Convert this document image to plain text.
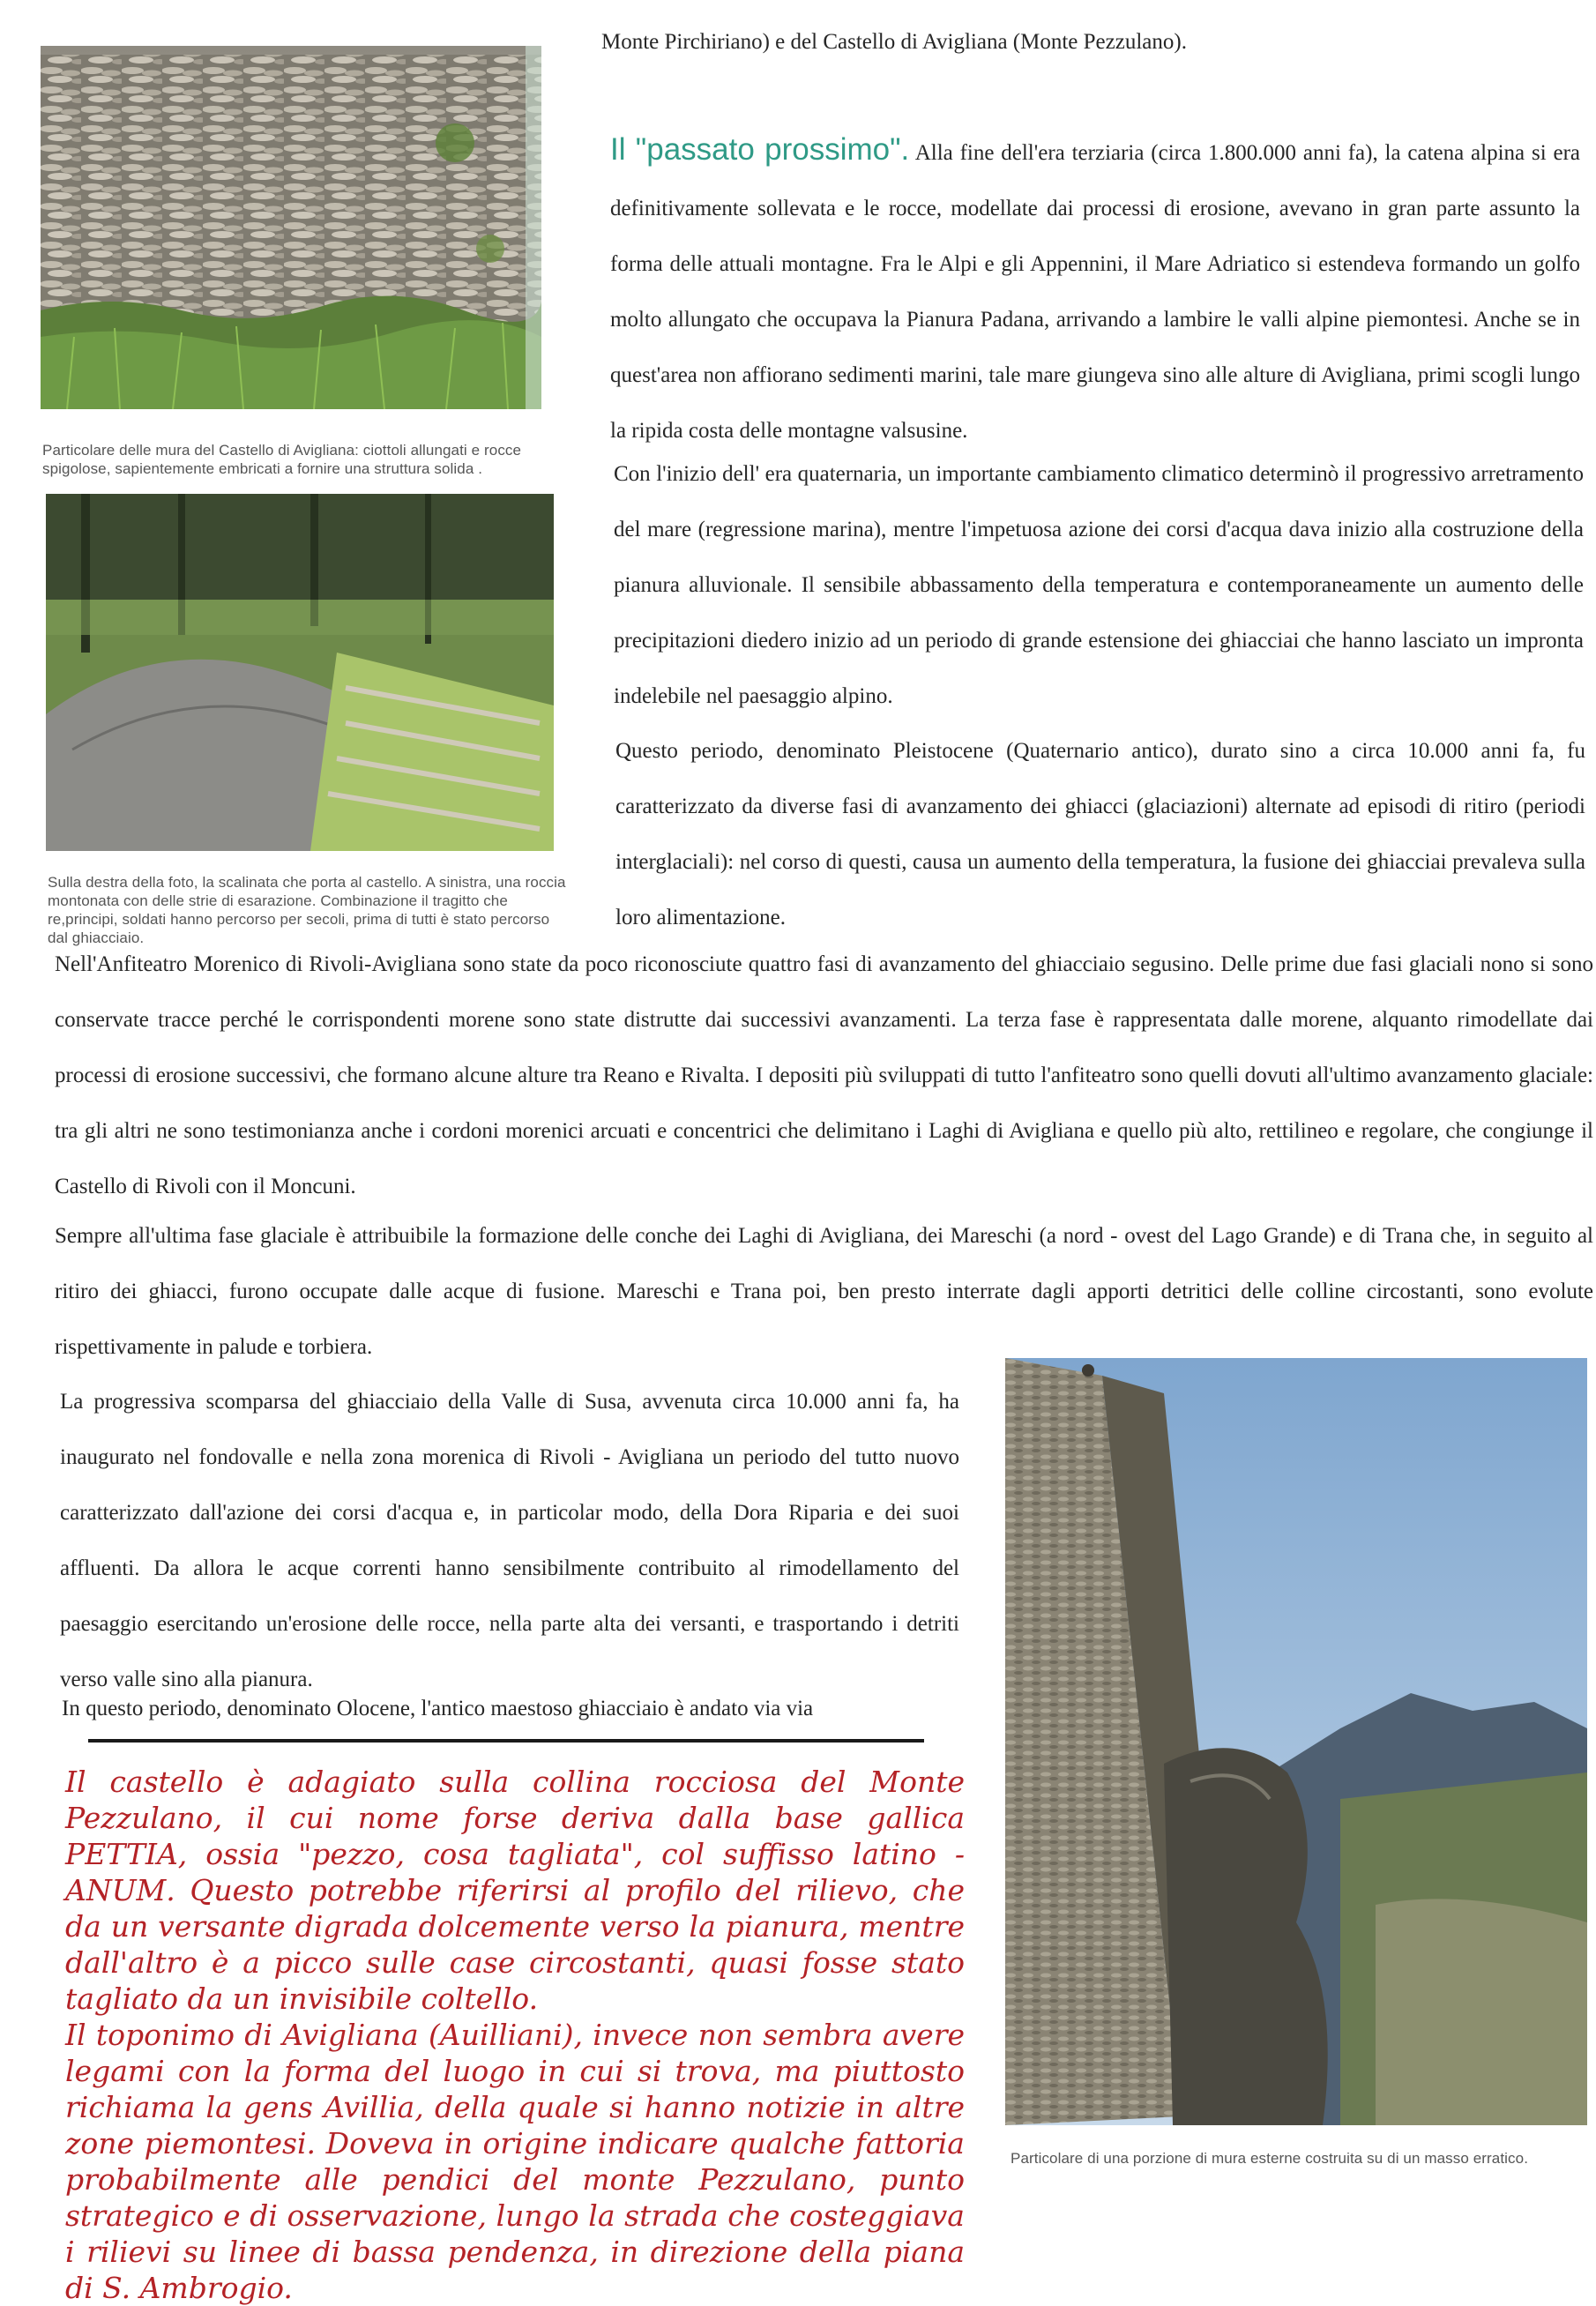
Particolare delle mura del Castello di Avigliana: ciottoli allungati e rocce spigolose, sapientemente embricati a fornire una struttura solida .
Sulla destra della foto, la scalinata che porta al castello. A sinistra, una roccia montonata con delle strie di esarazione. Combinazione il tragitto che re,principi, soldati hanno percorso per secoli, prima di tutti è stato percorso dal ghiacciaio.

Monte Pirchiriano) e del Castello di Avigliana (Monte Pezzulano).

Il "passato prossimo". Alla fine dell'era terziaria (circa 1.800.000 anni fa), la catena alpina si era definitivamente sollevata e le rocce, modellate dai processi di erosione, avevano in gran parte assunto la forma delle attuali montagne. Fra le Alpi e gli Appennini, il Mare Adriatico si estendeva formando un golfo molto allungato che occupava la Pianura Padana, arrivando a lambire le valli alpine piemontesi. Anche se in quest'area non affiorano sedimenti marini, tale mare giungeva sino alle alture di Avigliana, primi scogli lungo la ripida costa delle montagne valsusine.

Con l'inizio dell' era quaternaria, un importante cambiamento climatico determinò il progressivo arretramento del mare (regressione marina), mentre l'impetuosa azione dei corsi d'acqua dava inizio alla costruzione della pianura alluvionale. Il sensibile abbassamento della temperatura e contemporaneamente un aumento delle precipitazioni diedero inizio ad un periodo di grande estensione dei ghiacciai che hanno lasciato un impronta indelebile nel paesaggio alpino.

Questo periodo, denominato Pleistocene (Quaternario antico), durato sino a circa 10.000 anni fa, fu caratterizzato da diverse fasi di avanzamento dei ghiacci (glaciazioni) alternate ad episodi di ritiro (periodi interglaciali): nel corso di questi, causa un aumento della temperatura, la fusione dei ghiacciai prevaleva sulla loro alimentazione.

Nell'Anfiteatro Morenico di Rivoli-Avigliana sono state da poco riconosciute quattro fasi di avanzamento del ghiacciaio segusino. Delle prime due fasi glaciali nono si sono conservate tracce perché le corrispondenti morene sono state distrutte dai successivi avanzamenti. La terza fase è rappresentata dalle morene, alquanto rimodellate dai processi di erosione successivi, che formano alcune alture tra Reano e Rivalta. I depositi più sviluppati di tutto l'anfiteatro sono quelli dovuti all'ultimo avanzamento glaciale: tra gli altri ne sono testimonianza anche i cordoni morenici arcuati e concentrici che delimitano i Laghi di Avigliana e quello più alto, rettilineo e regolare, che congiunge il Castello di Rivoli con il Moncuni.

Sempre all'ultima fase glaciale è attribuibile la formazione delle conche dei Laghi di Avigliana, dei Mareschi (a nord - ovest del Lago Grande) e di Trana che, in seguito al ritiro dei ghiacci, furono occupate dalle acque di fusione. Mareschi e Trana poi, ben presto interrate dagli apporti detritici delle colline circostanti, sono evolute rispettivamente in palude e torbiera.

La progressiva scomparsa del ghiacciaio della Valle di Susa, avvenuta circa 10.000 anni fa, ha inaugurato nel fondovalle e nella zona morenica di Rivoli - Avigliana un periodo del tutto nuovo caratterizzato dall'azione dei corsi d'acqua e, in particolar modo, della Dora Riparia e dei suoi affluenti. Da allora le acque correnti hanno sensibilmente contribuito al rimodellamento del paesaggio esercitando un'erosione delle rocce, nella parte alta dei versanti, e trasportando i detriti verso valle sino alla pianura.

In questo periodo, denominato Olocene, l'antico maestoso ghiacciaio è andato via via

Particolare di una porzione di mura esterne costruita su di un masso erratico.

Il castello è adagiato sulla collina rocciosa del Monte Pezzulano, il cui nome forse deriva dalla base gallica PETTIA, ossia "pezzo, cosa tagliata", col suffisso latino -ANUM. Questo potrebbe riferirsi al profilo del rilievo, che da un versante digrada dolcemente verso la pianura, mentre dall'altro è a picco sulle case circostanti, quasi fosse stato tagliato da un invisibile coltello.

Il toponimo di Avigliana (Auilliani), invece non sembra avere legami con la forma del luogo in cui si trova, ma piuttosto richiama la gens Avillia, della quale si hanno notizie in altre zone piemontesi. Doveva in origine indicare qualche fattoria probabilmente alle pendici del monte Pezzulano, punto strategico e di osservazione, lungo la strada che costeggiava i rilievi su linee di bassa pendenza, in direzione della piana di S. Ambrogio.
